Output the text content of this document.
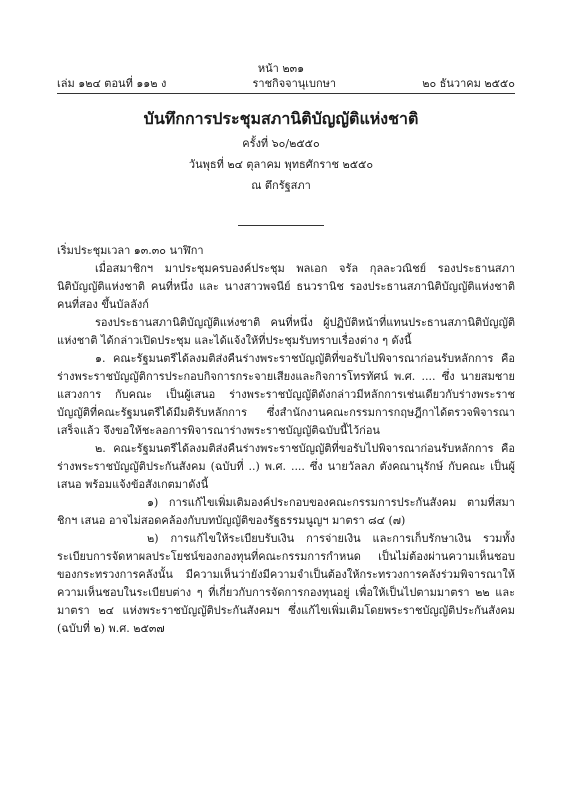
หน้า ๒๓๑
เล่ม ๑๒๔ ตอนที่ ๑๑๒ ง	ราชกิจจานุเบกษา	๒๐ ธันวาคม ๒๕๕๐
บันทึกการประชุมสภานิติบัญญัติแห่งชาติ
ครั้งที่ ๖๐/๒๕๕๐
วันพุธที่ ๒๔ ตุลาคม พุทธศักราช ๒๕๕๐
ณ ตึกรัฐสภา

เริ่มประชุมเวลา ๑๓.๓๐ นาฬิกา

เมื่อสมาชิกฯ มาประชุมครบองค์ประชุม พลเอก จรัล กุลละวณิชย์ รองประธานสภานิติบัญญัติแห่งชาติ คนที่หนึ่ง และ นางสาวพจนีย์ ธนวรานิช รองประธานสภานิติบัญญัติแห่งชาติ คนที่สอง ขึ้นบัลลังก์

รองประธานสภานิติบัญญัติแห่งชาติ คนที่หนึ่ง ผู้ปฏิบัติหน้าที่แทนประธานสภานิติบัญญัติแห่งชาติ ได้กล่าวเปิดประชุม และได้แจ้งให้ที่ประชุมรับทราบเรื่องต่าง ๆ ดังนี้

๑. คณะรัฐมนตรีได้ลงมติส่งคืนร่างพระราชบัญญัติที่ขอรับไปพิจารณาก่อนรับหลักการ คือ ร่างพระราชบัญญัติการประกอบกิจการกระจายเสียงและกิจการโทรทัศน์ พ.ศ. .... ซึ่ง นายสมชาย แสวงการ กับคณะ เป็นผู้เสนอ ร่างพระราชบัญญัติดังกล่าวมีหลักการเช่นเดียวกับร่างพระราชบัญญัติที่คณะรัฐมนตรีได้มีมติรับหลักการ ซึ่งสำนักงานคณะกรรมการกฤษฎีกาได้ตรวจพิจารณาเสร็จแล้ว จึงขอให้ชะลอการพิจารณาร่างพระราชบัญญัติฉบับนี้ไว้ก่อน

๒. คณะรัฐมนตรีได้ลงมติส่งคืนร่างพระราชบัญญัติที่ขอรับไปพิจารณาก่อนรับหลักการ คือ ร่างพระราชบัญญัติประกันสังคม (ฉบับที่ ..) พ.ศ. .... ซึ่ง นายวัลลภ ตังคณานุรักษ์ กับคณะ เป็นผู้เสนอ พร้อมแจ้งข้อสังเกตมาดังนี้

๑) การแก้ไขเพิ่มเติมองค์ประกอบของคณะกรรมการประกันสังคม ตามที่สมาชิกฯ เสนอ อาจไม่สอดคล้องกับบทบัญญัติของรัฐธรรมนูญฯ มาตรา ๘๔ (๗)

๒) การแก้ไขให้ระเบียบรับเงิน การจ่ายเงิน และการเก็บรักษาเงิน รวมทั้งระเบียบการจัดหาผลประโยชน์ของกองทุนที่คณะกรรมการกำหนด เป็นไม่ต้องผ่านความเห็นชอบของกระทรวงการคลังนั้น มีความเห็นว่ายังมีความจำเป็นต้องให้กระทรวงการคลังร่วมพิจารณาให้ความเห็นชอบในระเบียบต่าง ๆ ที่เกี่ยวกับการจัดการกองทุนอยู่ เพื่อให้เป็นไปตามมาตรา ๒๒ และ มาตรา ๒๔ แห่งพระราชบัญญัติประกันสังคมฯ ซึ่งแก้ไขเพิ่มเติมโดยพระราชบัญญัติประกันสังคม (ฉบับที่ ๒) พ.ศ. ๒๕๓๗
